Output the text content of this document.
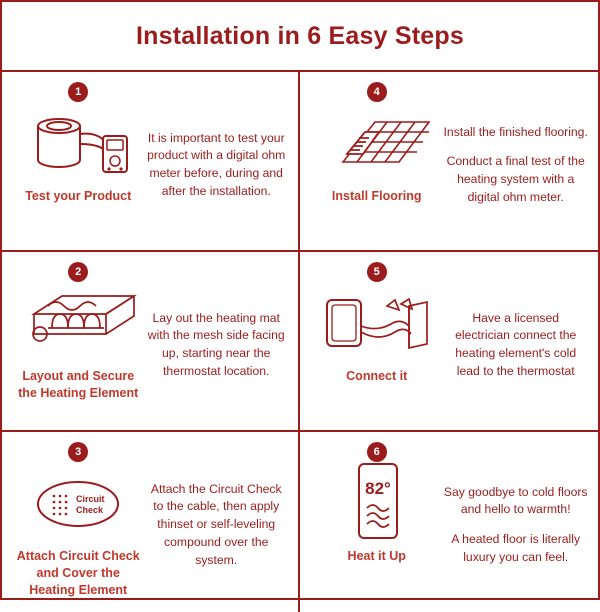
Installation in 6 Easy Steps
1
Test your Product
It is important to test your product with a digital ohm meter before, during and after the installation.
4
Install Flooring
Install the finished flooring.
Conduct a final test of the heating system with a digital ohm meter.
2
Layout and Secure the Heating Element
Lay out the heating mat with the mesh side facing up, starting near the thermostat location.
5
Connect it
Have a licensed electrician connect the heating element's cold lead to the thermostat
3
Circuit
Check
Attach Circuit Check and Cover the Heating Element
Attach the Circuit Check to the cable, then apply thinset or self-leveling compound over the system.
6
82°
Heat it Up
Say goodbye to cold floors and hello to warmth!
A heated floor is literally luxury you can feel.
